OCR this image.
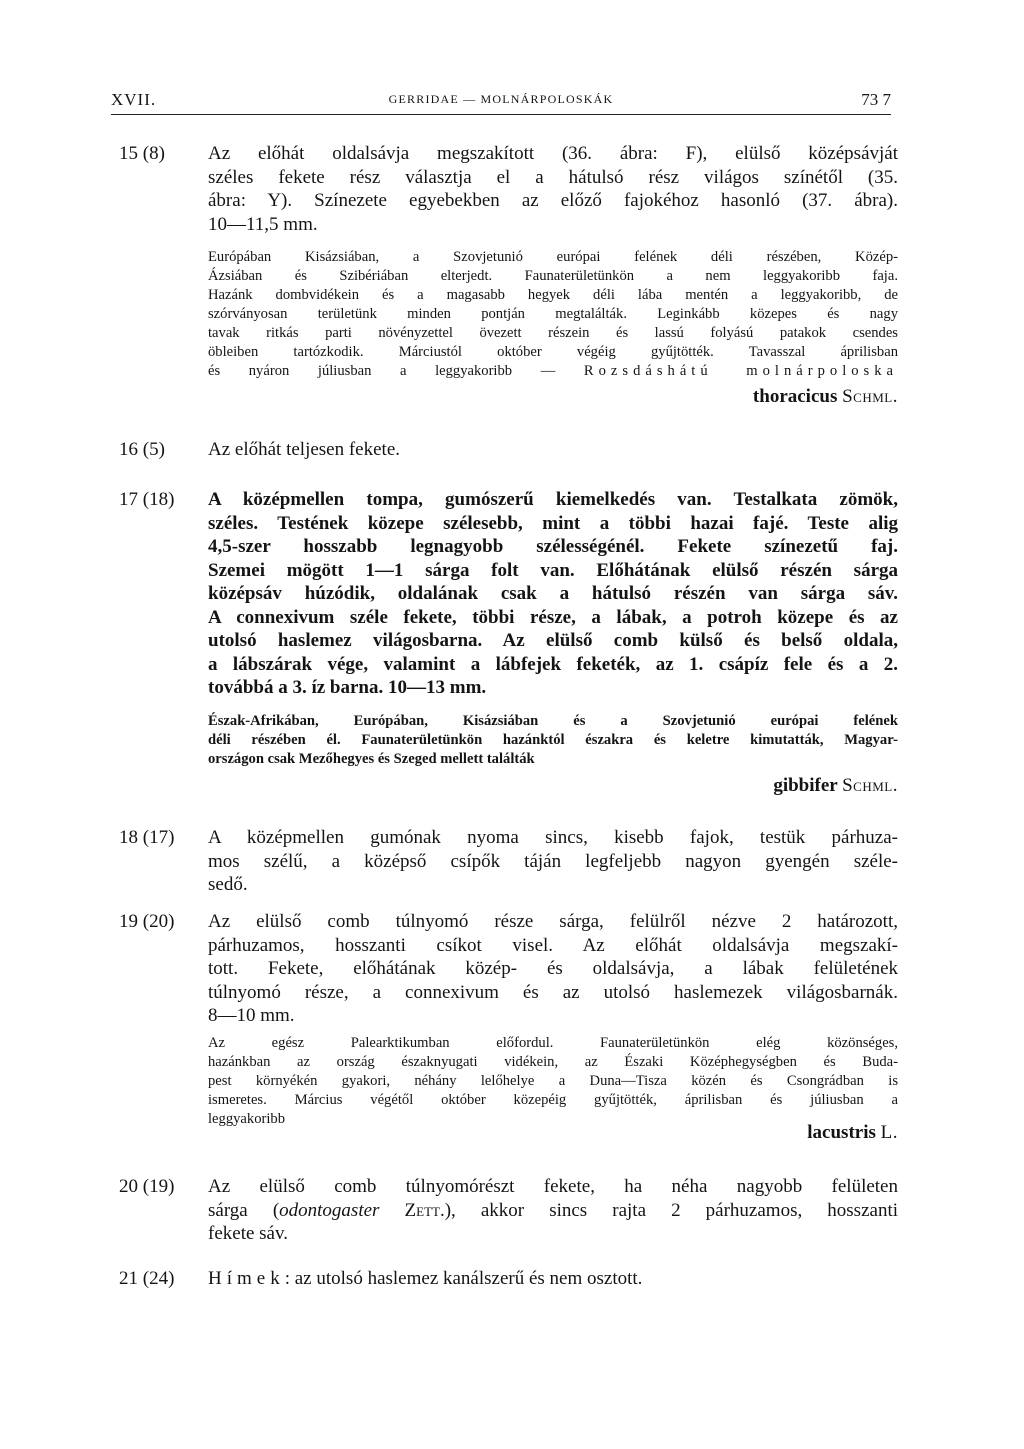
XVII.	GERRIDAE — MOLNÁRPOLOSKÁK	73 7
15 (8) Az előhát oldalsávja megszakított (36. ábra: F), elülső középsávját
széles fekete rész választja el a hátulsó rész világos színétől (35.
ábra: Y). Színezete egyebekben az előző fajokéhoz hasonló (37. ábra).
10—11,5 mm.
Európában Kisázsiában, a Szovjetunió európai felének déli részében, Közép-
Ázsiában és Szibériában elterjedt. Faunaterületünkön a nem leggyakoribb faja.
Hazánk dombvidékein és a magasabb hegyek déli lába mentén a leggyakoribb, de
szórványosan területünk minden pontján megtalálták. Leginkább közepes és nagy
tavak ritkás parti növényzettel övezett részein és lassú folyású patakok csendes
öbleiben tartózkodik. Márciustól október végéig gyűjtötték. Tavasszal áprilisban
és nyáron júliusban a leggyakoribb — Rozsdáshátú molnárpoloska
thoracicus Schml.
16 (5) Az előhát teljesen fekete.
17 (18) A középmellen tompa, gumószerű kiemelkedés van. Testalkata zömök,
széles. Testének közepe szélesebb, mint a többi hazai fajé. Teste alig
4,5-szer hosszabb legnagyobb szélességénél. Fekete színezetű faj.
Szemei mögött 1—1 sárga folt van. Előhátának elülső részén sárga
középsáv húzódik, oldalának csak a hátulsó részén van sárga sáv.
A connexivum széle fekete, többi része, a lábak, a potroh közepe és az
utolsó haslemez világosbarna. Az elülső comb külső és belső oldala,
a lábszárak vége, valamint a lábfejek feketék, az 1. csápíz fele és a 2.
továbbá a 3. íz barna. 10—13 mm.
Észak-Afrikában, Európában, Kisázsiában és a Szovjetunió európai felének
déli részében él. Faunaterületünkön hazánktól északra és keletre kimutatták, Magyar-
országon csak Mezőhegyes és Szeged mellett találták
gibbifer Schml.
18 (17) A középmellen gumónak nyoma sincs, kisebb fajok, testük párhuza-
mos szélű, a középső csípők táján legfeljebb nagyon gyengén széle-
sedő.
19 (20) Az elülső comb túlnyomó része sárga, felülről nézve 2 határozott,
párhuzamos, hosszanti csíkot visel. Az előhát oldalsávja megszakí-
tott. Fekete, előhátának közép- és oldalsávja, a lábak felületének
túlnyomó része, a connexivum és az utolsó haslemezek világosbarnák.
8—10 mm.
Az egész Palearktikumban előfordul. Faunaterületünkön elég közönséges,
hazánkban az ország északnyugati vidékein, az Északi Középhegységben és Buda-
pest környékén gyakori, néhány lelőhelye a Duna—Tisza közén és Csongrádban is
ismeretes. Március végétől október közepéig gyűjtötték, áprilisban és júliusban a
leggyakoribb
lacustris L.
20 (19) Az elülső comb túlnyomórészt fekete, ha néha nagyobb felületen
sárga (odontogaster Zett.), akkor sincs rajta 2 párhuzamos, hosszanti
fekete sáv.
21 (24) Hímek: az utolsó haslemez kanálszerű és nem osztott.
